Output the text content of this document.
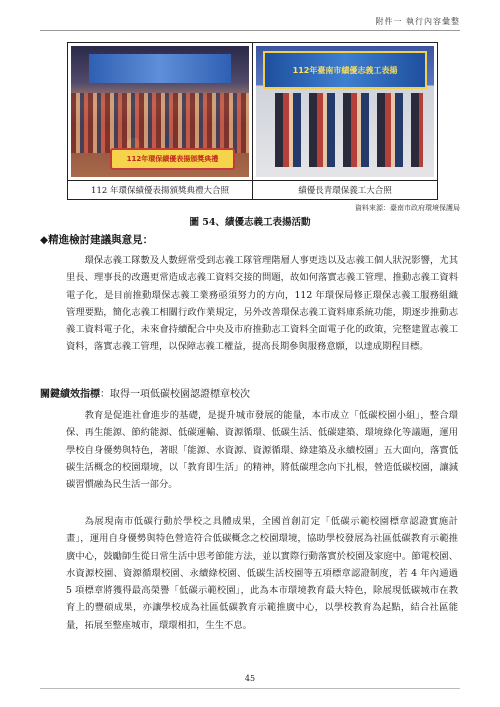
附件一 執行內容彙整
112年環保績優表揚頒獎典禮
112年臺南市績優志義工表揚
112 年環保績優表揚頒獎典禮大合照	績優長青環保義工大合照
資料來源：臺南市政府環境保護局
圖 54、績優志義工表揚活動
◆精進檢討建議與意見：

環保志義工隊數及人數經常受到志義工隊管理階層人事更迭以及志義工個人狀況影響，尤其里長、理事長的改選更常造成志義工資料交接的問題，故如何落實志義工管理、推動志義工資料電子化，是目前推動環保志義工業務亟須努力的方向，112 年環保局修正環保志義工服務組織管理要點，簡化志義工相關行政作業規定，另外改善環保志義工資料庫系統功能，期逐步推動志義工資料電子化，未來會持續配合中央及市府推動志工資料全面電子化的政策，完整建置志義工資料，落實志義工管理，以保障志義工權益，提高長期參與服務意願，以達成期程目標。

關鍵績效指標：取得一項低碳校園認證標章校次

教育是促進社會進步的基礎，是提升城市發展的能量，本市成立「低碳校園小組」，整合環保、再生能源、節約能源、低碳運輸、資源循環、低碳生活、低碳建築、環境綠化等議題，運用學校自身優勢與特色，著眼「能源、水資源、資源循環、綠建築及永續校園」五大面向，落實低碳生活概念的校園環境，以「教育即生活」的精神，將低碳理念向下扎根，營造低碳校園，讓減碳習慣融為民生活一部分。

為展現南市低碳行動於學校之具體成果，全國首創訂定「低碳示範校園標章認證實施計畫」，運用自身優勢與特色營造符合低碳概念之校園環境，協助學校發展為社區低碳教育示範推廣中心，鼓勵師生從日常生活中思考節能方法，並以實際行動落實於校園及家庭中。節電校園、水資源校園、資源循環校園、永續綠校園、低碳生活校園等五項標章認證制度，若 4 年內通過 5 項標章將獲得最高榮譽「低碳示範校園」，此為本市環境教育最大特色，除展現低碳城市在教育上的豐碩成果，亦讓學校成為社區低碳教育示範推廣中心，以學校教育為起點，結合社區能量，拓展至整座城市，環環相扣，生生不息。

45
